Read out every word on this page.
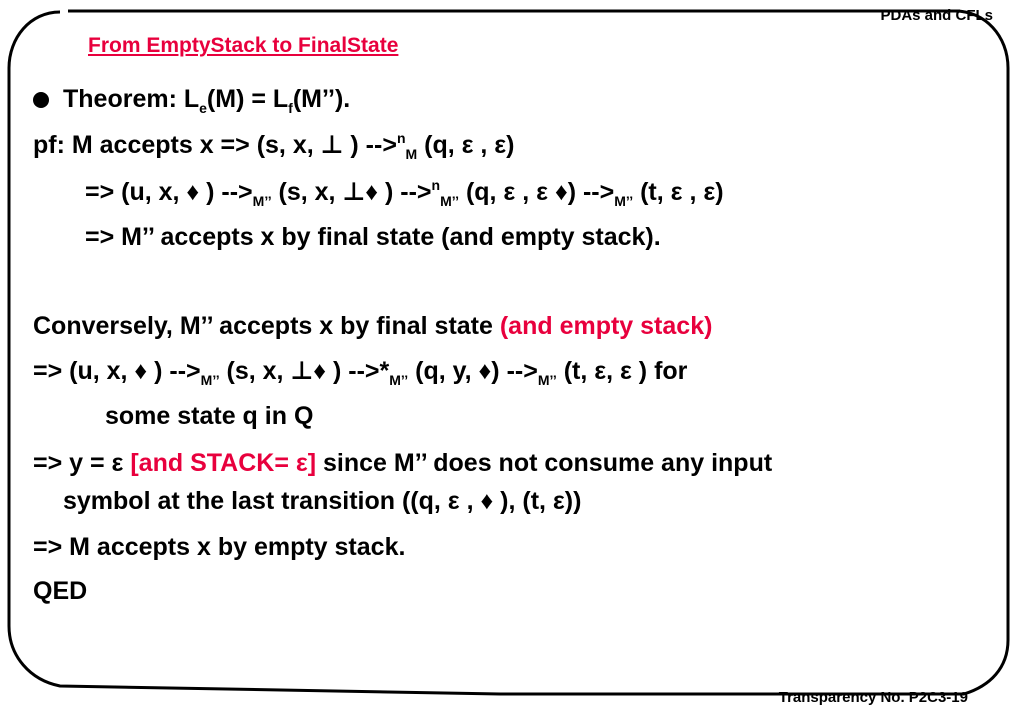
PDAs and CFLs
From EmptyStack to FinalState
Theorem: $L_e(M)$ = $L_f(M’’)$.
pf: M accepts x => (s, x, ⊥ ) -->$^n_M$ (q, ε , ε)
=> (u, x, ♦ ) $-->_{M’’}$ (s, x, ⊥♦ ) -->$^n_{M’’}$ (q, ε , ε ♦) $-->_{M’’}$ (t, ε , ε)
=> M’’ accepts x by final state (and empty stack).
Conversely, M’’ accepts x by final state (and empty stack)
=> (u, x, ♦ ) $-->_{M’’}$ (s, x, ⊥♦ ) $-->*_{M’’}$ (q, y, ♦) $-->_{M’’}$ (t, ε, ε ) for
some state q in Q
=> y = ε [and STACK= ε] since M’’ does not consume any input
symbol at the last transition ((q, ε , ♦ ), (t, ε))
=> M accepts x by empty stack.
QED
Transparency No. P2C3-19
